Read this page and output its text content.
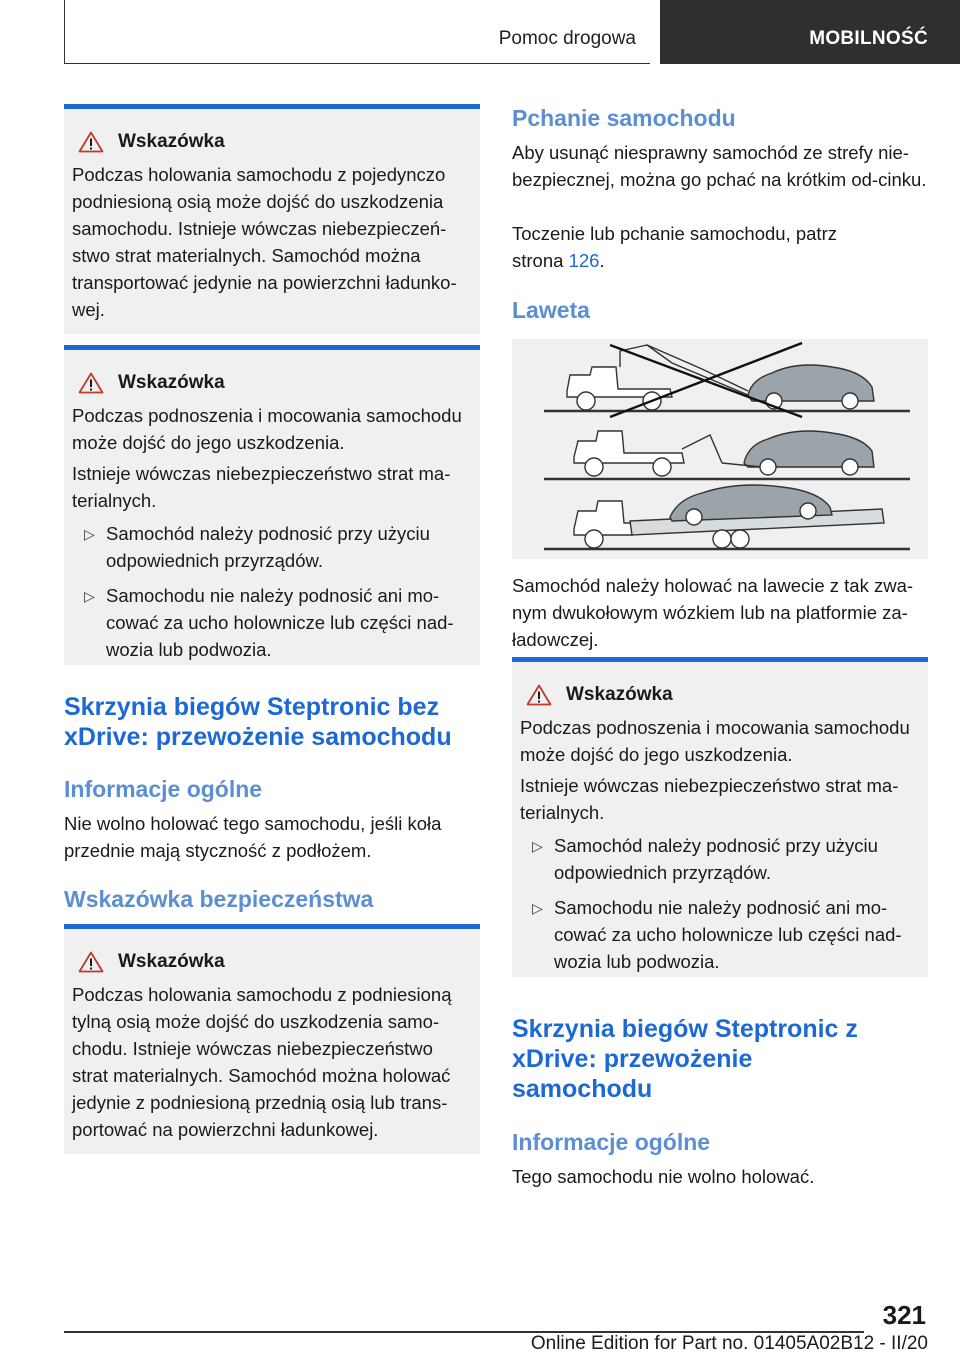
Pomoc drogowa	MOBILNOŚĆ
Wskazówka

Podczas holowania samochodu z pojedynczo podniesioną osią może dojść do uszkodzenia samochodu. Istnieje wówczas niebezpieczeń-stwo strat materialnych. Samochód można transportować jedynie na powierzchni ładunko-wej.

Wskazówka

Podczas podnoszenia i mocowania samochodu może dojść do jego uszkodzenia.

Istnieje wówczas niebezpieczeństwo strat ma-terialnych.

▷ Samochód należy podnosić przy użyciu odpowiednich przyrządów.
▷ Samochodu nie należy podnosić ani mo-cować za ucho holownicze lub części nad-wozia lub podwozia.
Skrzynia biegów Steptronic bez xDrive: przewożenie samochodu
Informacje ogólne
Nie wolno holować tego samochodu, jeśli koła przednie mają styczność z podłożem.
Wskazówka bezpieczeństwa
Wskazówka

Podczas holowania samochodu z podniesioną tylną osią może dojść do uszkodzenia samo-chodu. Istnieje wówczas niebezpieczeństwo strat materialnych. Samochód można holować jedynie z podniesioną przednią osią lub trans-portować na powierzchni ładunkowej.

Pchanie samochodu
Aby usunąć niesprawny samochód ze strefy nie-bezpiecznej, można go pchać na krótkim od-cinku.
Toczenie lub pchanie samochodu, patrz strona 126.
Laweta
Samochód należy holować na lawecie z tak zwa-nym dwukołowym wózkiem lub na platformie za-ładowczej.
Wskazówka

Podczas podnoszenia i mocowania samochodu może dojść do jego uszkodzenia.

Istnieje wówczas niebezpieczeństwo strat ma-terialnych.

▷ Samochód należy podnosić przy użyciu odpowiednich przyrządów.
▷ Samochodu nie należy podnosić ani mo-cować za ucho holownicze lub części nad-wozia lub podwozia.
Skrzynia biegów Steptronic z xDrive: przewożenie samochodu
Informacje ogólne
Tego samochodu nie wolno holować.
321
Online Edition for Part no. 01405A02B12 - II/20
